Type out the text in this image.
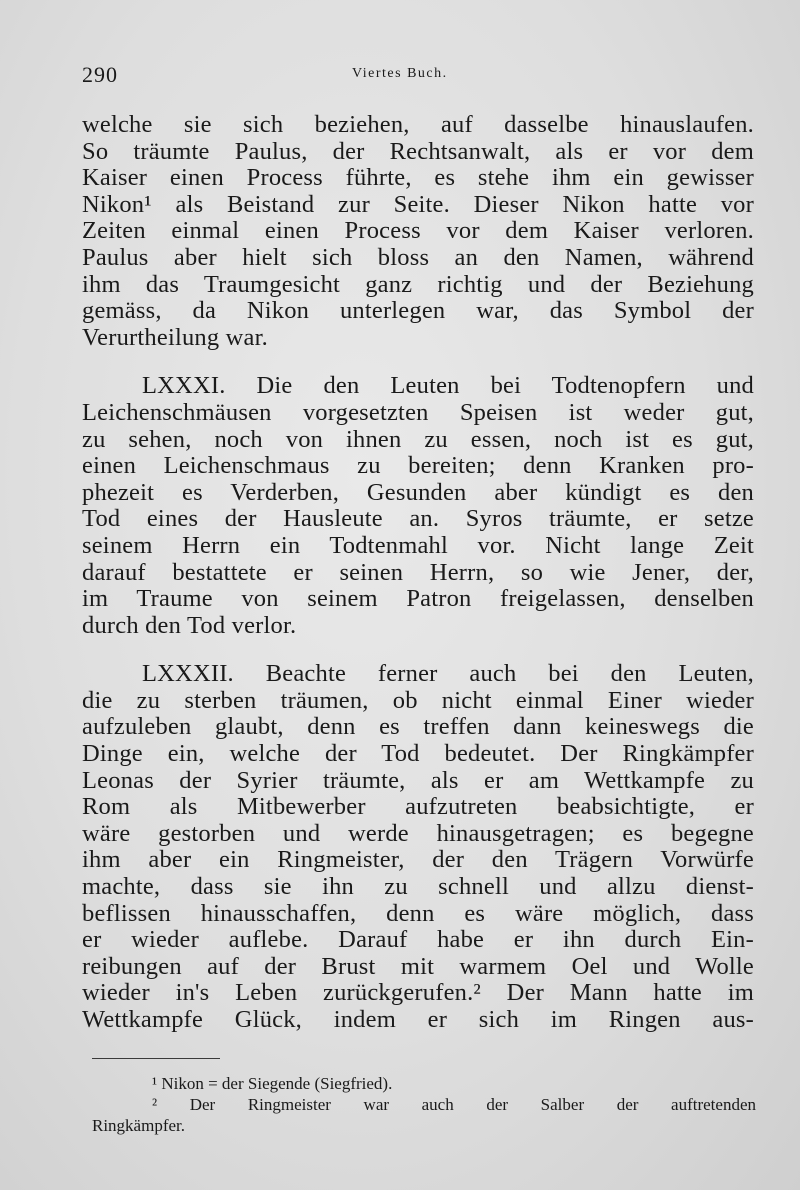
290	Viertes Buch.
welche sie sich beziehen, auf dasselbe hinauslaufen.
So träumte Paulus, der Rechtsanwalt, als er vor dem
Kaiser einen Process führte, es stehe ihm ein gewisser
Nikon¹ als Beistand zur Seite. Dieser Nikon hatte vor
Zeiten einmal einen Process vor dem Kaiser verloren.
Paulus aber hielt sich bloss an den Namen, während
ihm das Traumgesicht ganz richtig und der Beziehung
gemäss, da Nikon unterlegen war, das Symbol der
Verurtheilung war.
LXXXI. Die den Leuten bei Todtenopfern und
Leichenschmäusen vorgesetzten Speisen ist weder gut,
zu sehen, noch von ihnen zu essen, noch ist es gut,
einen Leichenschmaus zu bereiten; denn Kranken pro-
phezeit es Verderben, Gesunden aber kündigt es den
Tod eines der Hausleute an. Syros träumte, er setze
seinem Herrn ein Todtenmahl vor. Nicht lange Zeit
darauf bestattete er seinen Herrn, so wie Jener, der,
im Traume von seinem Patron freigelassen, denselben
durch den Tod verlor.
LXXXII. Beachte ferner auch bei den Leuten,
die zu sterben träumen, ob nicht einmal Einer wieder
aufzuleben glaubt, denn es treffen dann keineswegs die
Dinge ein, welche der Tod bedeutet. Der Ringkämpfer
Leonas der Syrier träumte, als er am Wettkampfe zu
Rom als Mitbewerber aufzutreten beabsichtigte, er
wäre gestorben und werde hinausgetragen; es begegne
ihm aber ein Ringmeister, der den Trägern Vorwürfe
machte, dass sie ihn zu schnell und allzu dienst-
beflissen hinausschaffen, denn es wäre möglich, dass
er wieder auflebe. Darauf habe er ihn durch Ein-
reibungen auf der Brust mit warmem Oel und Wolle
wieder in's Leben zurückgerufen.² Der Mann hatte im
Wettkampfe Glück, indem er sich im Ringen aus-
¹ Nikon = der Siegende (Siegfried).
² Der Ringmeister war auch der Salber der auftretenden
Ringkämpfer.
